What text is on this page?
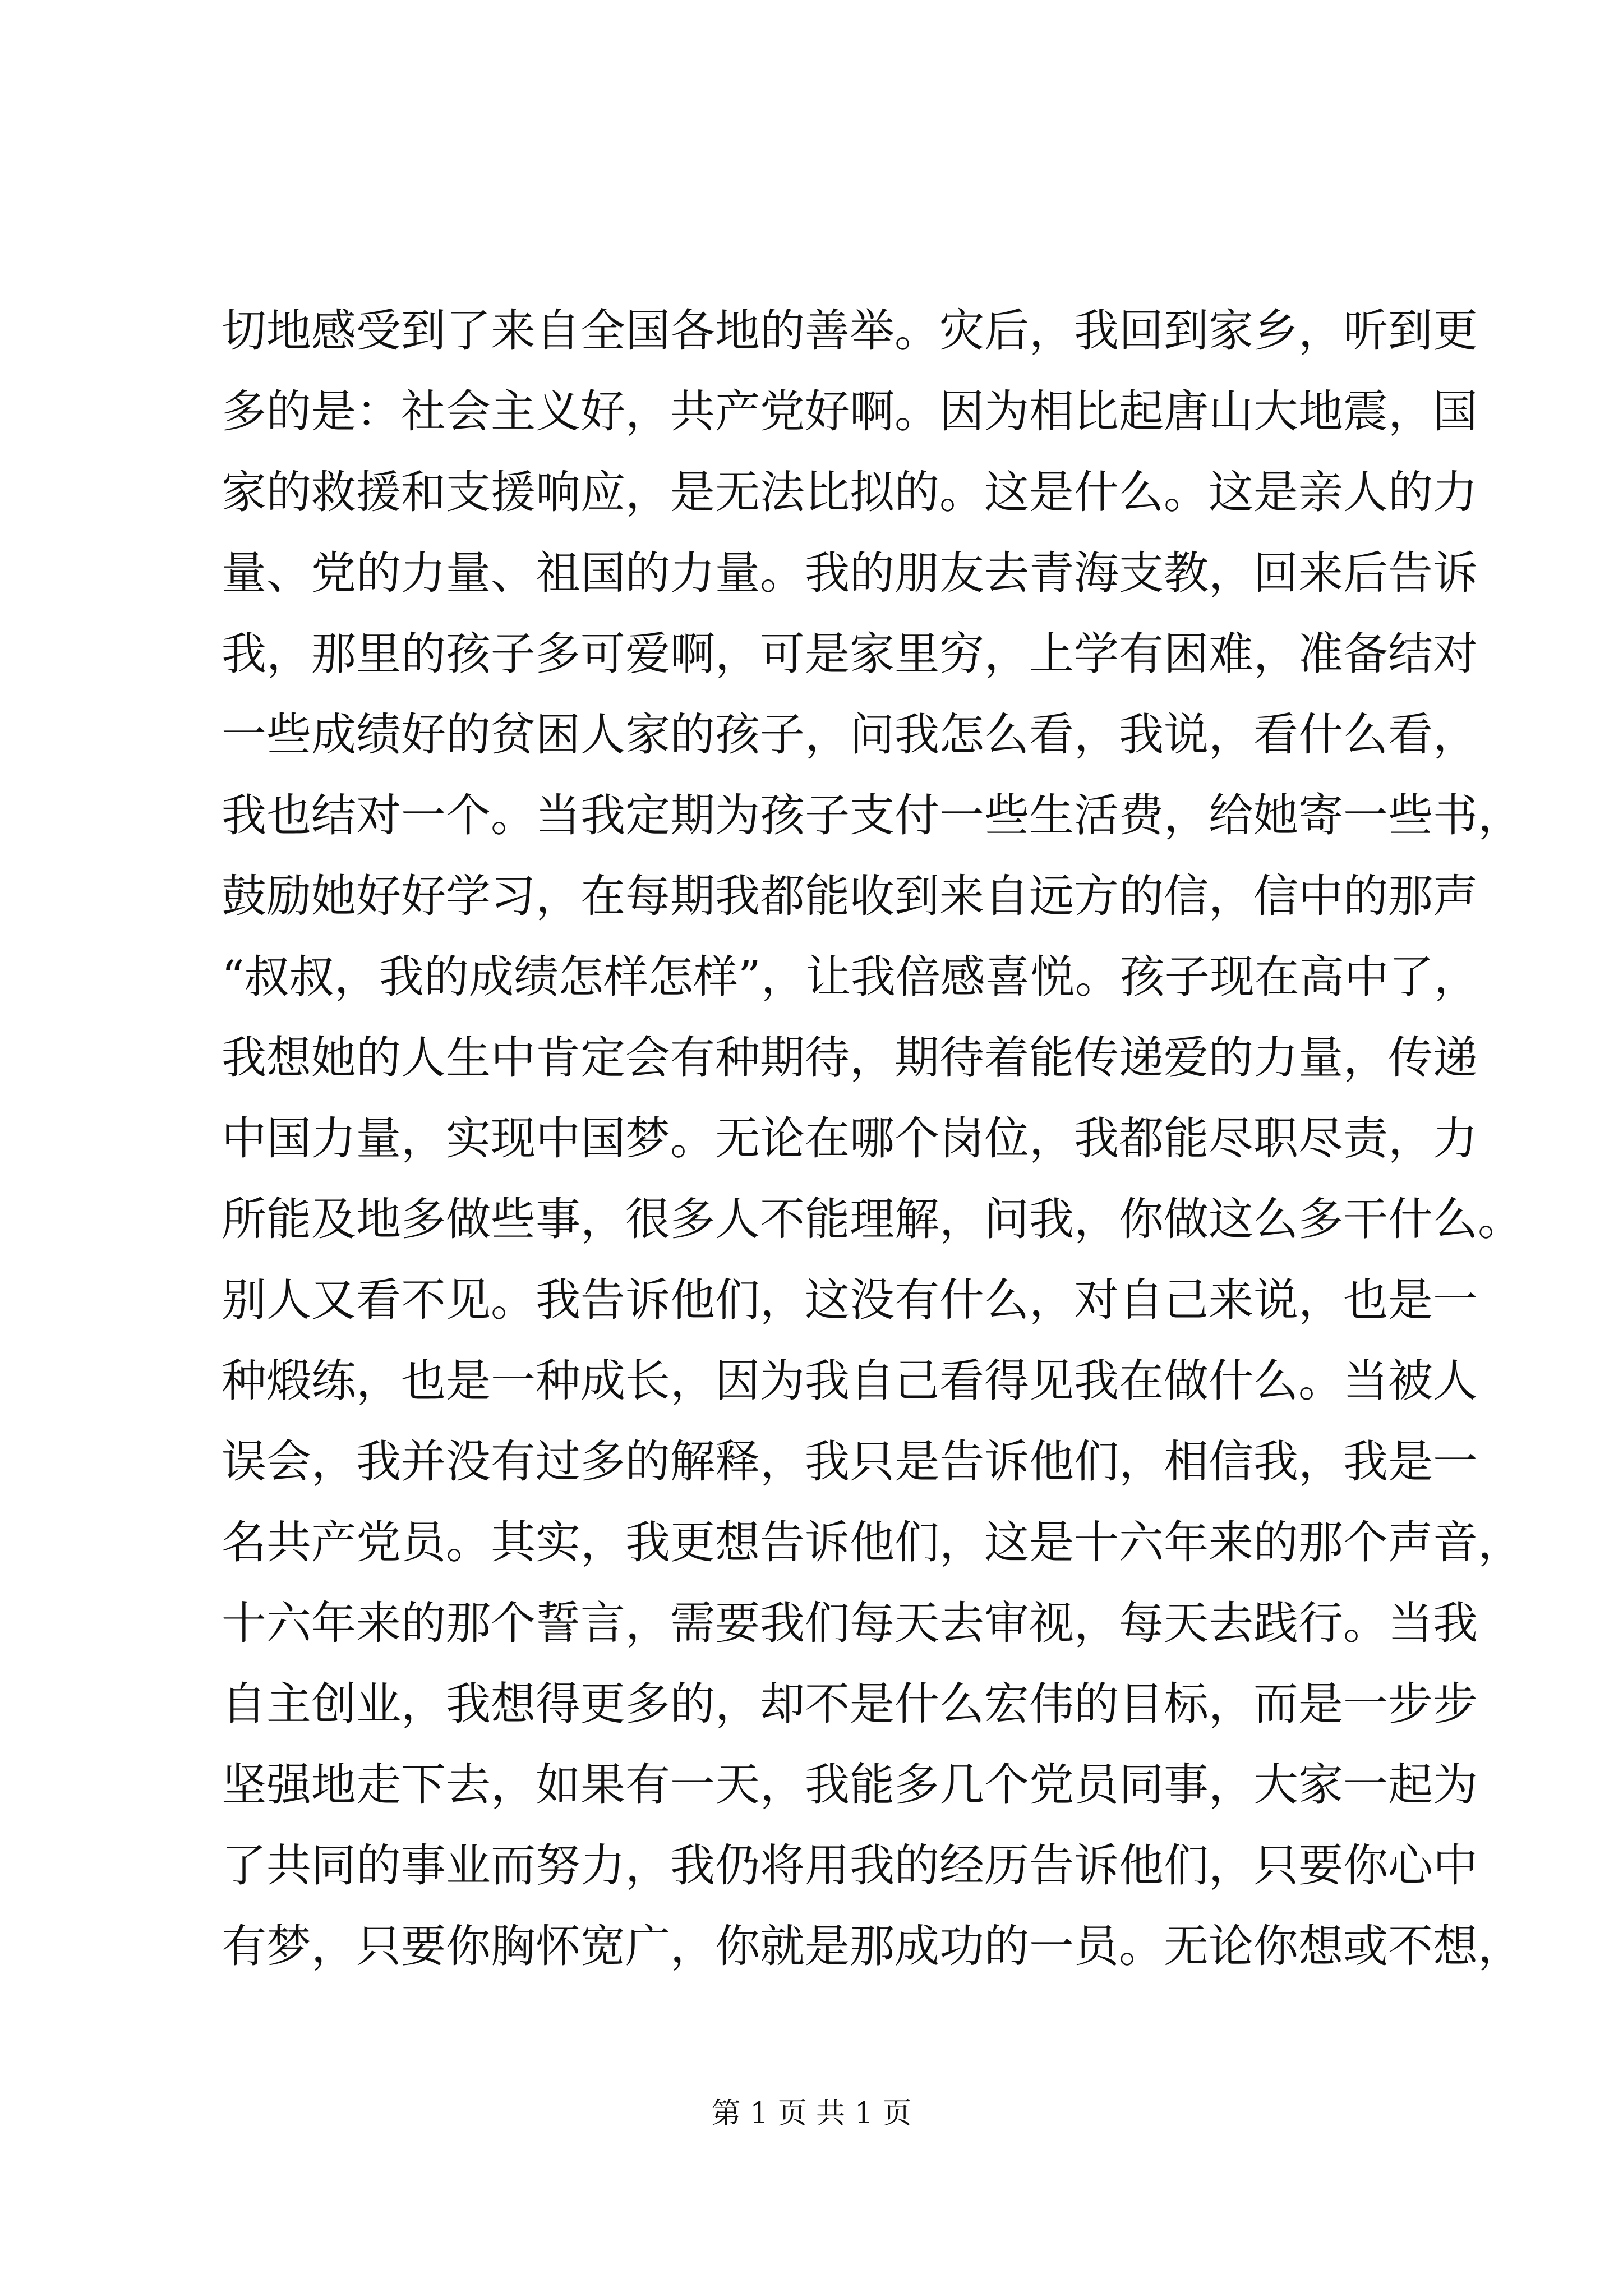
切地感受到了来自全国各地的善举。灾后，我回到家乡，听到更
多的是：社会主义好，共产党好啊。因为相比起唐山大地震，国
家的救援和支援响应，是无法比拟的。这是什么。这是亲人的力
量、党的力量、祖国的力量。我的朋友去青海支教，回来后告诉
我，那里的孩子多可爱啊，可是家里穷，上学有困难，准备结对
一些成绩好的贫困人家的孩子，问我怎么看，我说，看什么看，
我也结对一个。当我定期为孩子支付一些生活费，给她寄一些书，
鼓励她好好学习，在每期我都能收到来自远方的信，信中的那声
“叔叔，我的成绩怎样怎样”，让我倍感喜悦。孩子现在高中了，
我想她的人生中肯定会有种期待，期待着能传递爱的力量，传递
中国力量，实现中国梦。无论在哪个岗位，我都能尽职尽责，力
所能及地多做些事，很多人不能理解，问我，你做这么多干什么。
别人又看不见。我告诉他们，这没有什么，对自己来说，也是一
种煅练，也是一种成长，因为我自己看得见我在做什么。当被人
误会，我并没有过多的解释，我只是告诉他们，相信我，我是一
名共产党员。其实，我更想告诉他们，这是十六年来的那个声音，
十六年来的那个誓言，需要我们每天去审视，每天去践行。当我
自主创业，我想得更多的，却不是什么宏伟的目标，而是一步步
坚强地走下去，如果有一天，我能多几个党员同事，大家一起为
了共同的事业而努力，我仍将用我的经历告诉他们，只要你心中
有梦，只要你胸怀宽广，你就是那成功的一员。无论你想或不想，
第 1 页 共 1 页
